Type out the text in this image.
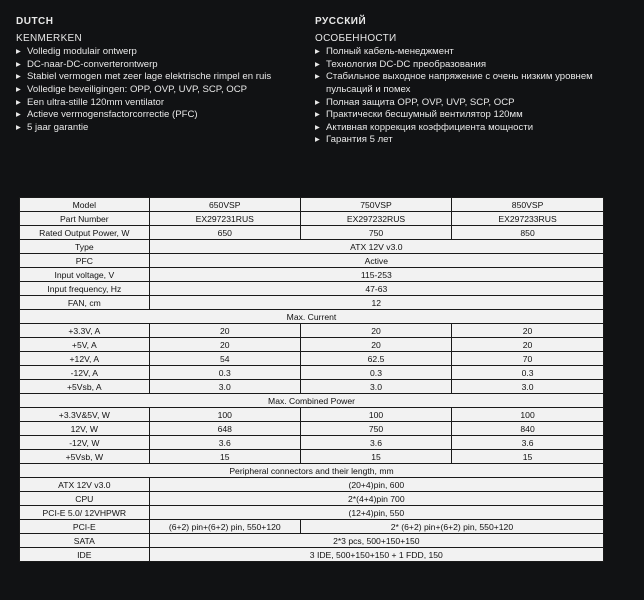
DUTCH
KENMERKEN
▸ Volledig modulair ontwerp
▸ DC-naar-DC-converterontwerp
▸ Stabiel vermogen met zeer lage elektrische rimpel en ruis
▸ Volledige beveiligingen: OPP, OVP, UVP, SCP, OCP
▸ Een ultra-stille 120mm ventilator
▸ Actieve vermogensfactorcorrectie (PFC)
▸ 5 jaar garantie
РУССКИЙ
ОСОБЕННОСТИ
▸ Полный кабель-менеджмент
▸ Технология DC-DC преобразования
▸ Стабильное выходное напряжение с очень низким уровнем пульсаций и помех
▸ Полная защита OPP, OVP, UVP, SCP, OCP
▸ Практически бесшумный вентилятор 120мм
▸ Активная коррекция коэффициента мощности
▸ Гарантия 5 лет
Model	650VSP	750VSP	850VSP
Part Number	EX297231RUS	EX297232RUS	EX297233RUS
Rated Output Power, W	650	750	850
Type	ATX 12V v3.0		
PFC	Active		
Input voltage, V	115-253		
Input frequency, Hz	47-63		
FAN, cm	12		
Max. Current			
+3.3V, A	20	20	20
+5V, A	20	20	20
+12V, A	54	62.5	70
-12V, A	0.3	0.3	0.3
+5Vsb, A	3.0	3.0	3.0
Max. Combined Power			
+3.3V&5V, W	100	100	100
12V, W	648	750	840
-12V, W	3.6	3.6	3.6
+5Vsb, W	15	15	15
Peripheral connectors and their length, mm			
ATX 12V v3.0	(20+4)pin, 600		
CPU	2*(4+4)pin 700		
PCI-E 5.0/ 12VHPWR	(12+4)pin, 550		
PCI-E	(6+2) pin+(6+2) pin, 550+120	2* (6+2) pin+(6+2) pin, 550+120	
SATA	2*3 pcs, 500+150+150		
IDE	3 IDE, 500+150+150 + 1 FDD, 150		
